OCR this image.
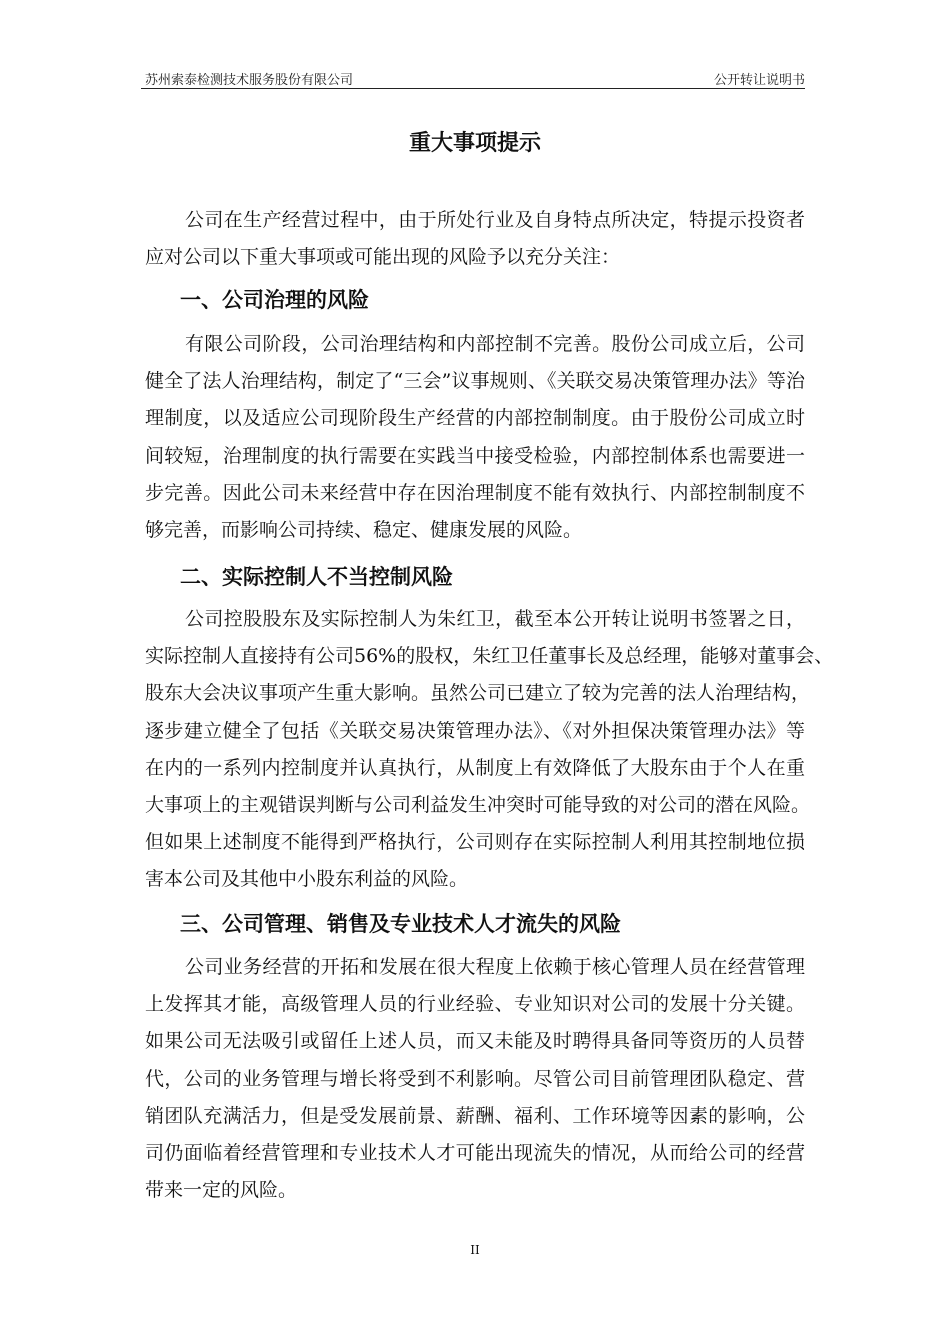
苏州索泰检测技术服务股份有限公司	公开转让说明书
重大事项提示
公司在生产经营过程中，由于所处行业及自身特点所决定，特提示投资者
应对公司以下重大事项或可能出现的风险予以充分关注：
一、公司治理的风险
有限公司阶段，公司治理结构和内部控制不完善。股份公司成立后，公司
健全了法人治理结构，制定了“三会”议事规则、《关联交易决策管理办法》等治
理制度，以及适应公司现阶段生产经营的内部控制制度。由于股份公司成立时
间较短，治理制度的执行需要在实践当中接受检验，内部控制体系也需要进一
步完善。因此公司未来经营中存在因治理制度不能有效执行、内部控制制度不
够完善，而影响公司持续、稳定、健康发展的风险。
二、实际控制人不当控制风险
公司控股股东及实际控制人为朱红卫，截至本公开转让说明书签署之日，
实际控制人直接持有公司56%的股权，朱红卫任董事长及总经理，能够对董事会、
股东大会决议事项产生重大影响。虽然公司已建立了较为完善的法人治理结构，
逐步建立健全了包括《关联交易决策管理办法》、《对外担保决策管理办法》等
在内的一系列内控制度并认真执行，从制度上有效降低了大股东由于个人在重
大事项上的主观错误判断与公司利益发生冲突时可能导致的对公司的潜在风险。
但如果上述制度不能得到严格执行，公司则存在实际控制人利用其控制地位损
害本公司及其他中小股东利益的风险。
三、公司管理、销售及专业技术人才流失的风险
公司业务经营的开拓和发展在很大程度上依赖于核心管理人员在经营管理
上发挥其才能，高级管理人员的行业经验、专业知识对公司的发展十分关键。
如果公司无法吸引或留任上述人员，而又未能及时聘得具备同等资历的人员替
代，公司的业务管理与增长将受到不利影响。尽管公司目前管理团队稳定、营
销团队充满活力，但是受发展前景、薪酬、福利、工作环境等因素的影响，公
司仍面临着经营管理和专业技术人才可能出现流失的情况，从而给公司的经营
带来一定的风险。
II
